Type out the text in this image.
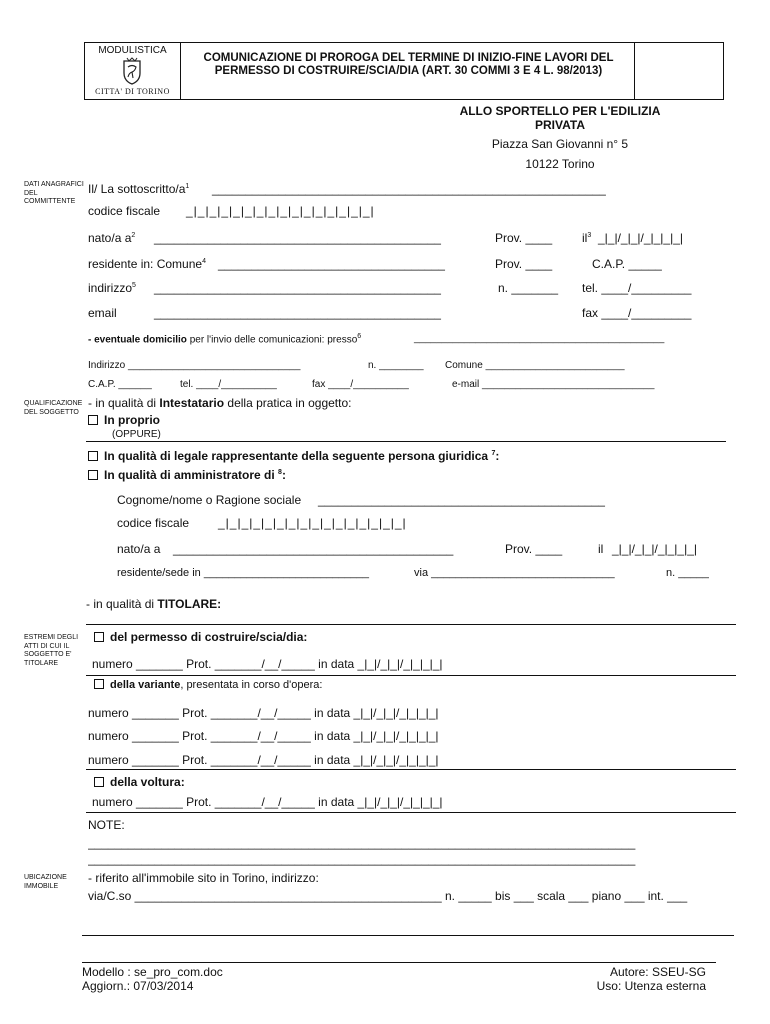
MODULISTICA
CITTA' DI TORINO
COMUNICAZIONE DI PROROGA DEL TERMINE DI INIZIO-FINE LAVORI DEL PERMESSO DI COSTRUIRE/SCIA/DIA (ART. 30 COMMI 3 E 4 L. 98/2013)
ALLO SPORTELLO PER L'EDILIZIA
PRIVATA
Piazza San Giovanni n° 5
10122 Torino
DATI ANAGRAFICI DEL COMMITTENTE
QUALIFICAZIONE DEL SOGGETTO
ESTREMI DEGLI ATTI DI CUI IL SOGGETTO E' TITOLARE
UBICAZIONE IMMOBILE
Il/ La sottoscritto/$a^1$ ___________________________________________________________
codice fiscale _|_|_|_|_|_|_|_|_|_|_|_|_|_|_|_|
nato/a $a^2$ ___________________________________________	Prov. ____ $il^3$ _|_|/_|_|/_|_|_|_|
residente in: Comune$^4$ __________________________________	Prov. ____	C.A.P. _____
indirizzo$^5$ ___________________________________________	n. _______ tel. ____/_________
email	___________________________________________	fax ____/_________
- eventuale domicilio per l'invio delle comunicazioni: presso$^6$	_____________________________________________
Indirizzo _______________________________	n. ________ Comune _________________________
C.A.P. ______	tel. ____/__________	fax ____/__________	e-mail _______________________________
- in qualità di Intestatario della pratica in oggetto:
In proprio
(OPPURE)
In qualità di legale rappresentante della seguente persona giuridica $^7$:
In qualità di amministratore di $^8$:
Cognome/nome o Ragione sociale ___________________________________________
codice fiscale _|_|_|_|_|_|_|_|_|_|_|_|_|_|_|_|
nato/a a __________________________________________	Prov. ____	il _|_|/_|_|/_|_|_|_|
residente/sede in ___________________________	via ______________________________	n. _____
- in qualità di TITOLARE:
del permesso di costruire/scia/dia:
numero _______ Prot. _______/__/_____ in data _|_|/_|_|/_|_|_|_|
della variante, presentata in corso d'opera:
numero _______ Prot. _______/__/_____ in data _|_|/_|_|/_|_|_|_|
numero _______ Prot. _______/__/_____ in data _|_|/_|_|/_|_|_|_|
numero _______ Prot. _______/__/_____ in data _|_|/_|_|/_|_|_|_|
della voltura:
numero _______ Prot. _______/__/_____ in data _|_|/_|_|/_|_|_|_|
NOTE:
__________________________________________________________________________________
__________________________________________________________________________________
- riferito all'immobile sito in Torino, indirizzo:
via/C.so ______________________________________________ n. _____ bis ___ scala ___ piano ___ int. ___
Modello : se_pro_com.doc
Aggiorn.: 07/03/2014
Autore: SSEU-SG
Uso: Utenza esterna
